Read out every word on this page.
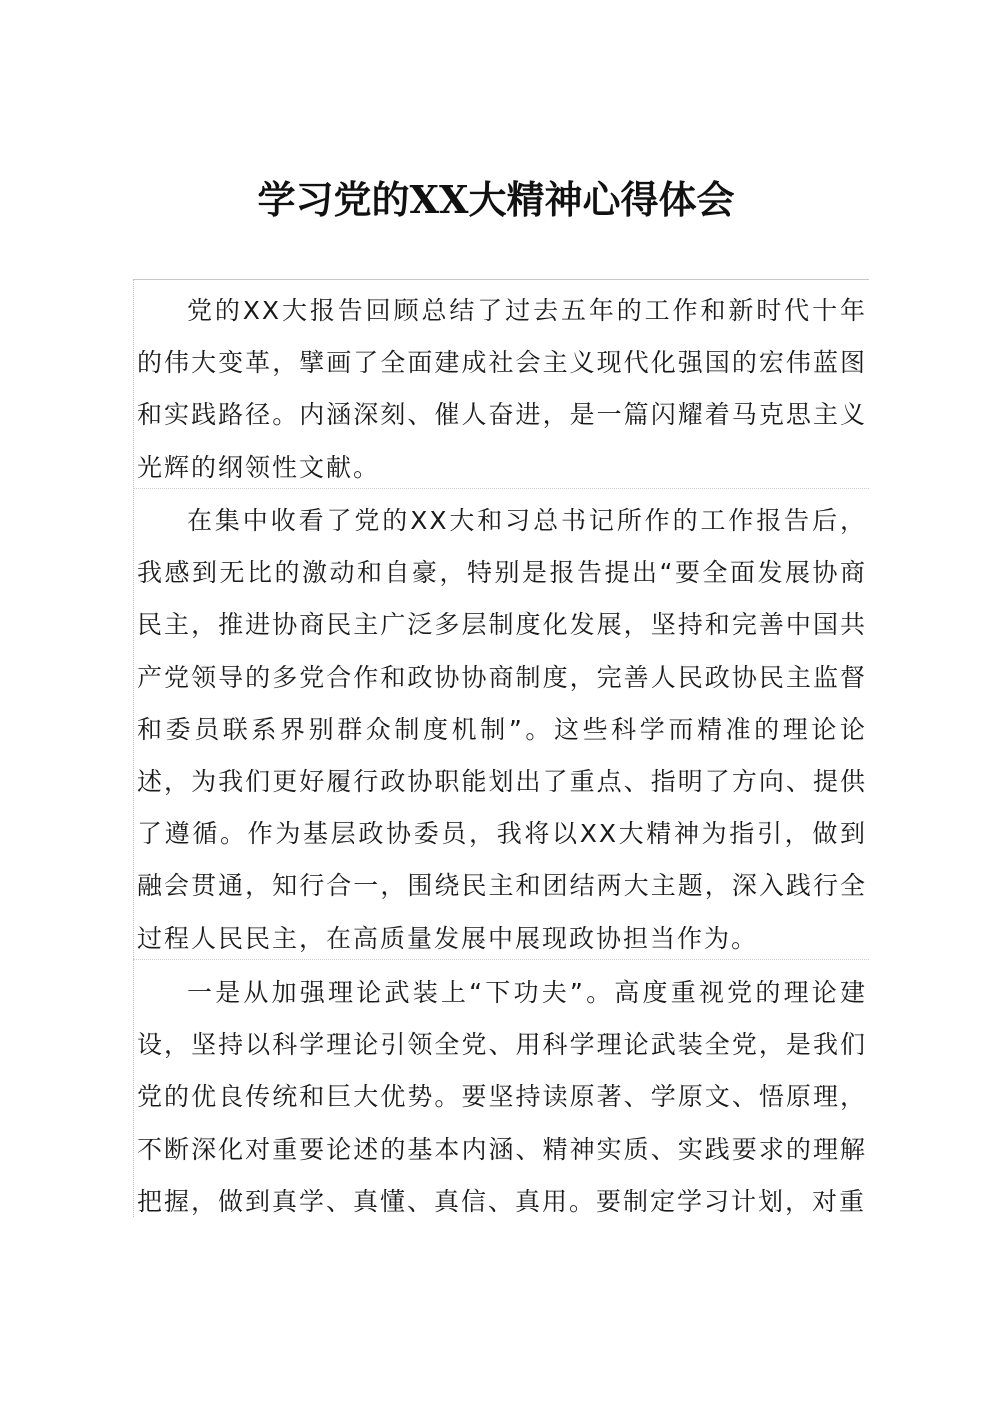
学习党的XX大精神心得体会

党的XX大报告回顾总结了过去五年的工作和新时代十年的伟大变革，擘画了全面建成社会主义现代化强国的宏伟蓝图和实践路径。内涵深刻、催人奋进，是一篇闪耀着马克思主义光辉的纲领性文献。

在集中收看了党的XX大和习总书记所作的工作报告后，我感到无比的激动和自豪，特别是报告提出“要全面发展协商民主，推进协商民主广泛多层制度化发展，坚持和完善中国共产党领导的多党合作和政协协商制度，完善人民政协民主监督和委员联系界别群众制度机制”。这些科学而精准的理论论述，为我们更好履行政协职能划出了重点、指明了方向、提供了遵循。作为基层政协委员，我将以XX大精神为指引，做到融会贯通，知行合一，围绕民主和团结两大主题，深入践行全过程人民民主，在高质量发展中展现政协担当作为。

一是从加强理论武装上“下功夫”。高度重视党的理论建设，坚持以科学理论引领全党、用科学理论武装全党，是我们党的优良传统和巨大优势。要坚持读原著、学原文、悟原理，不断深化对重要论述的基本内涵、精神实质、实践要求的理解把握，做到真学、真懂、真信、真用。要制定学习计划，对重
